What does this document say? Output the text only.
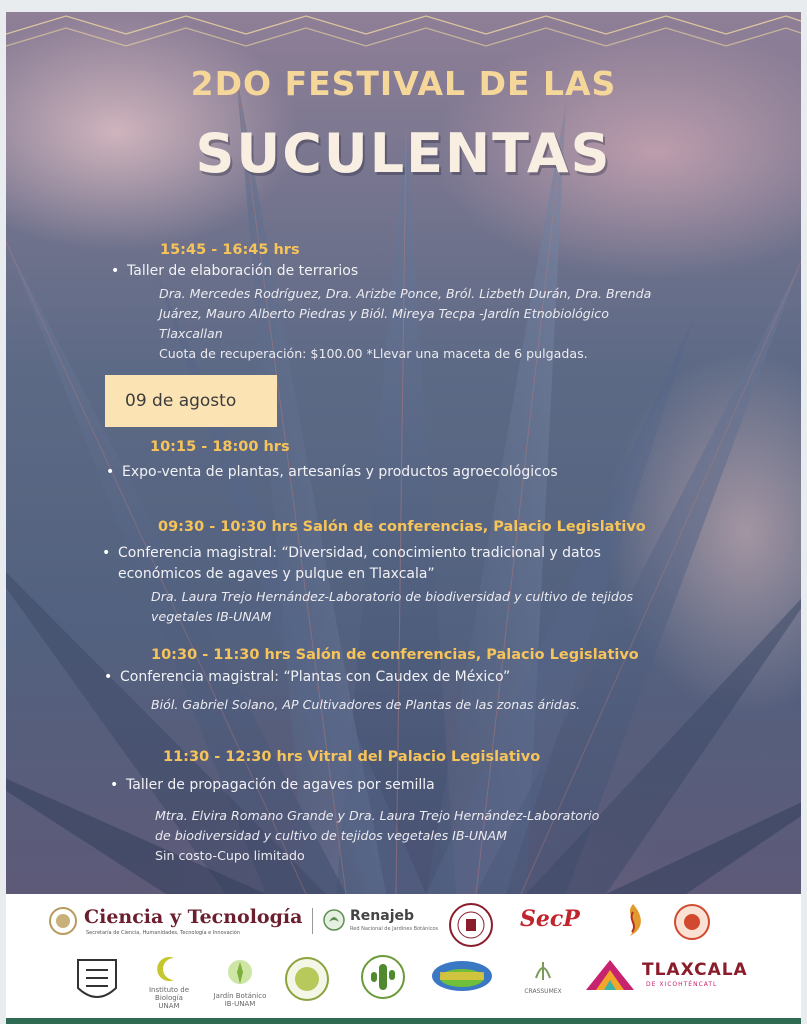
2DO FESTIVAL DE LAS
SUCULENTAS
15:45 - 16:45 hrs
• Taller de elaboración de terrarios
Dra. Mercedes Rodríguez, Dra. Arizbe Ponce, Bról. Lizbeth Durán, Dra. Brenda
Juárez, Mauro Alberto Piedras y Biól. Mireya Tecpa -Jardín Etnobiológico
Tlaxcallan
Cuota de recuperación: $100.00 *Llevar una maceta de 6 pulgadas.
09 de agosto
10:15 - 18:00 hrs
• Expo-venta de plantas, artesanías y productos agroecológicos
09:30 - 10:30 hrs Salón de conferencias, Palacio Legislativo
• Conferencia magistral: “Diversidad, conocimiento tradicional y datos
económicos de agaves y pulque en Tlaxcala”
Dra. Laura Trejo Hernández-Laboratorio de biodiversidad y cultivo de tejidos
vegetales IB-UNAM
10:30 - 11:30 hrs Salón de conferencias, Palacio Legislativo
• Conferencia magistral: “Plantas con Caudex de México”
Biól. Gabriel Solano, AP Cultivadores de Plantas de las zonas áridas.
11:30 - 12:30 hrs Vitral del Palacio Legislativo
• Taller de propagación de agaves por semilla
Mtra. Elvira Romano Grande y Dra. Laura Trejo Hernández-Laboratorio
de biodiversidad y cultivo de tejidos vegetales IB-UNAM
Sin costo-Cupo limitado
Ciencia y Tecnología
Secretaría de Ciencia, Humanidades, Tecnología e Innovación
Renajeb
Red Nacional de Jardines Botánicos	SecP
Instituto de Biología UNAM
Jardín Botánico IB-UNAM
CRASSUMEX
TLAXCALA
DE XICOHTÉNCATL
